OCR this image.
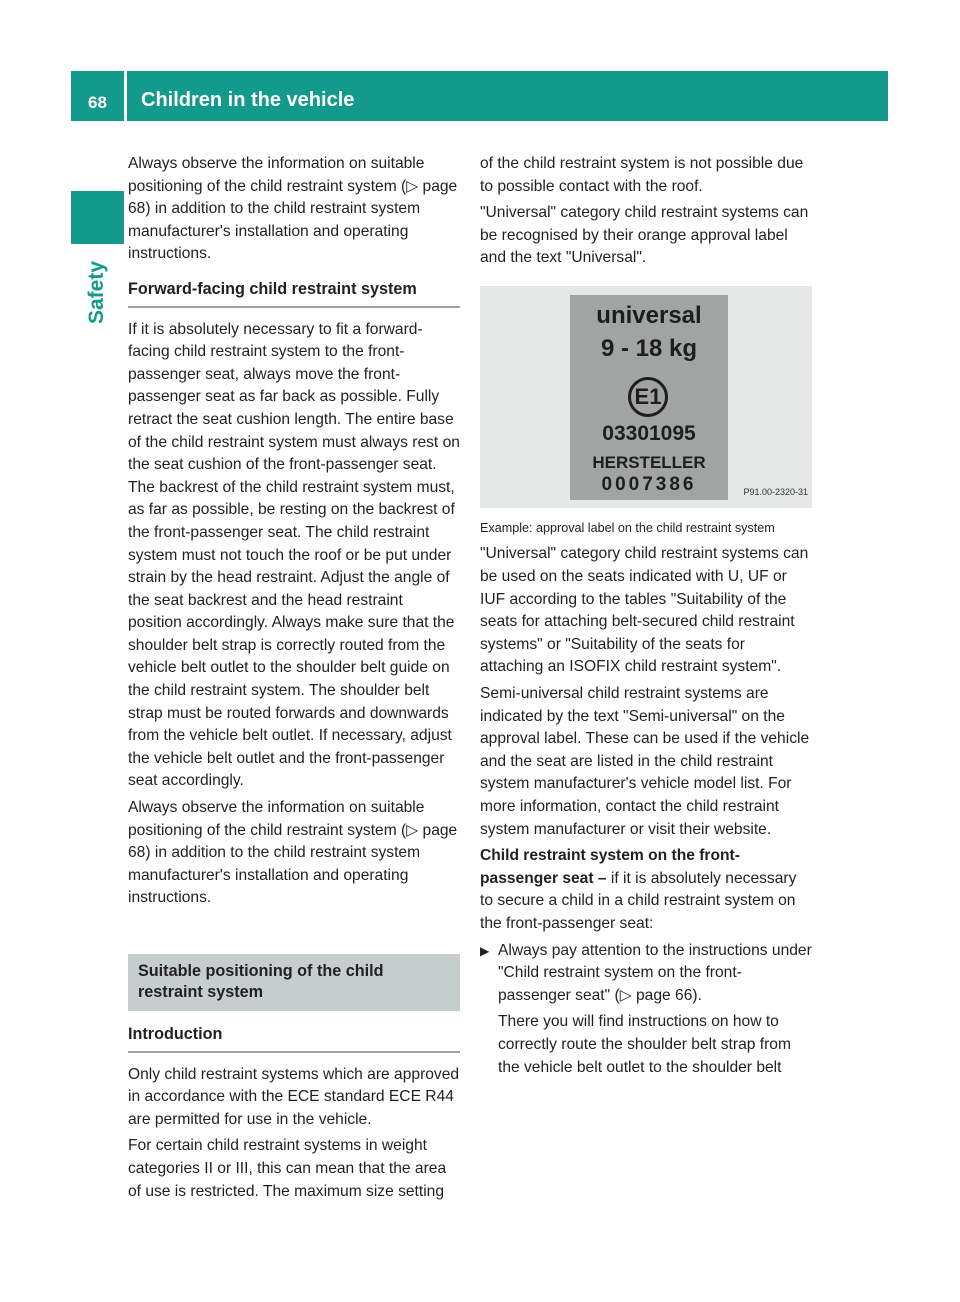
68	Children in the vehicle
Safety

Always observe the information on suitable positioning of the child restraint system (▷ page 68) in addition to the child restraint system manufacturer's installation and operating instructions.

Forward-facing child restraint system

If it is absolutely necessary to fit a forward-facing child restraint system to the front-passenger seat, always move the front-passenger seat as far back as possible. Fully retract the seat cushion length. The entire base of the child restraint system must always rest on the seat cushion of the front-passenger seat. The backrest of the child restraint system must, as far as possible, be resting on the backrest of the front-passenger seat. The child restraint system must not touch the roof or be put under strain by the head restraint. Adjust the angle of the seat backrest and the head restraint position accordingly. Always make sure that the shoulder belt strap is correctly routed from the vehicle belt outlet to the shoulder belt guide on the child restraint system. The shoulder belt strap must be routed forwards and downwards from the vehicle belt outlet. If necessary, adjust the vehicle belt outlet and the front-passenger seat accordingly.

Always observe the information on suitable positioning of the child restraint system (▷ page 68) in addition to the child restraint system manufacturer's installation and operating instructions.

Suitable positioning of the child restraint system
Introduction

Only child restraint systems which are approved in accordance with the ECE standard ECE R44 are permitted for use in the vehicle.

For certain child restraint systems in weight categories II or III, this can mean that the area of use is restricted. The maximum size setting

of the child restraint system is not possible due to possible contact with the roof.

"Universal" category child restraint systems can be recognised by their orange approval label and the text "Universal".

universal
9 - 18 kg
E1
03301095
HERSTELLER
0007386	P91.00-2320-31

Example: approval label on the child restraint system

"Universal" category child restraint systems can be used on the seats indicated with U, UF or IUF according to the tables "Suitability of the seats for attaching belt-secured child restraint systems" or "Suitability of the seats for attaching an ISOFIX child restraint system".

Semi-universal child restraint systems are indicated by the text "Semi-universal" on the approval label. These can be used if the vehicle and the seat are listed in the child restraint system manufacturer's vehicle model list. For more information, contact the child restraint system manufacturer or visit their website.

Child restraint system on the front-passenger seat – if it is absolutely necessary to secure a child in a child restraint system on the front-passenger seat:

▶ Always pay attention to the instructions under "Child restraint system on the front-passenger seat" (▷ page 66).

There you will find instructions on how to correctly route the shoulder belt strap from the vehicle belt outlet to the shoulder belt
